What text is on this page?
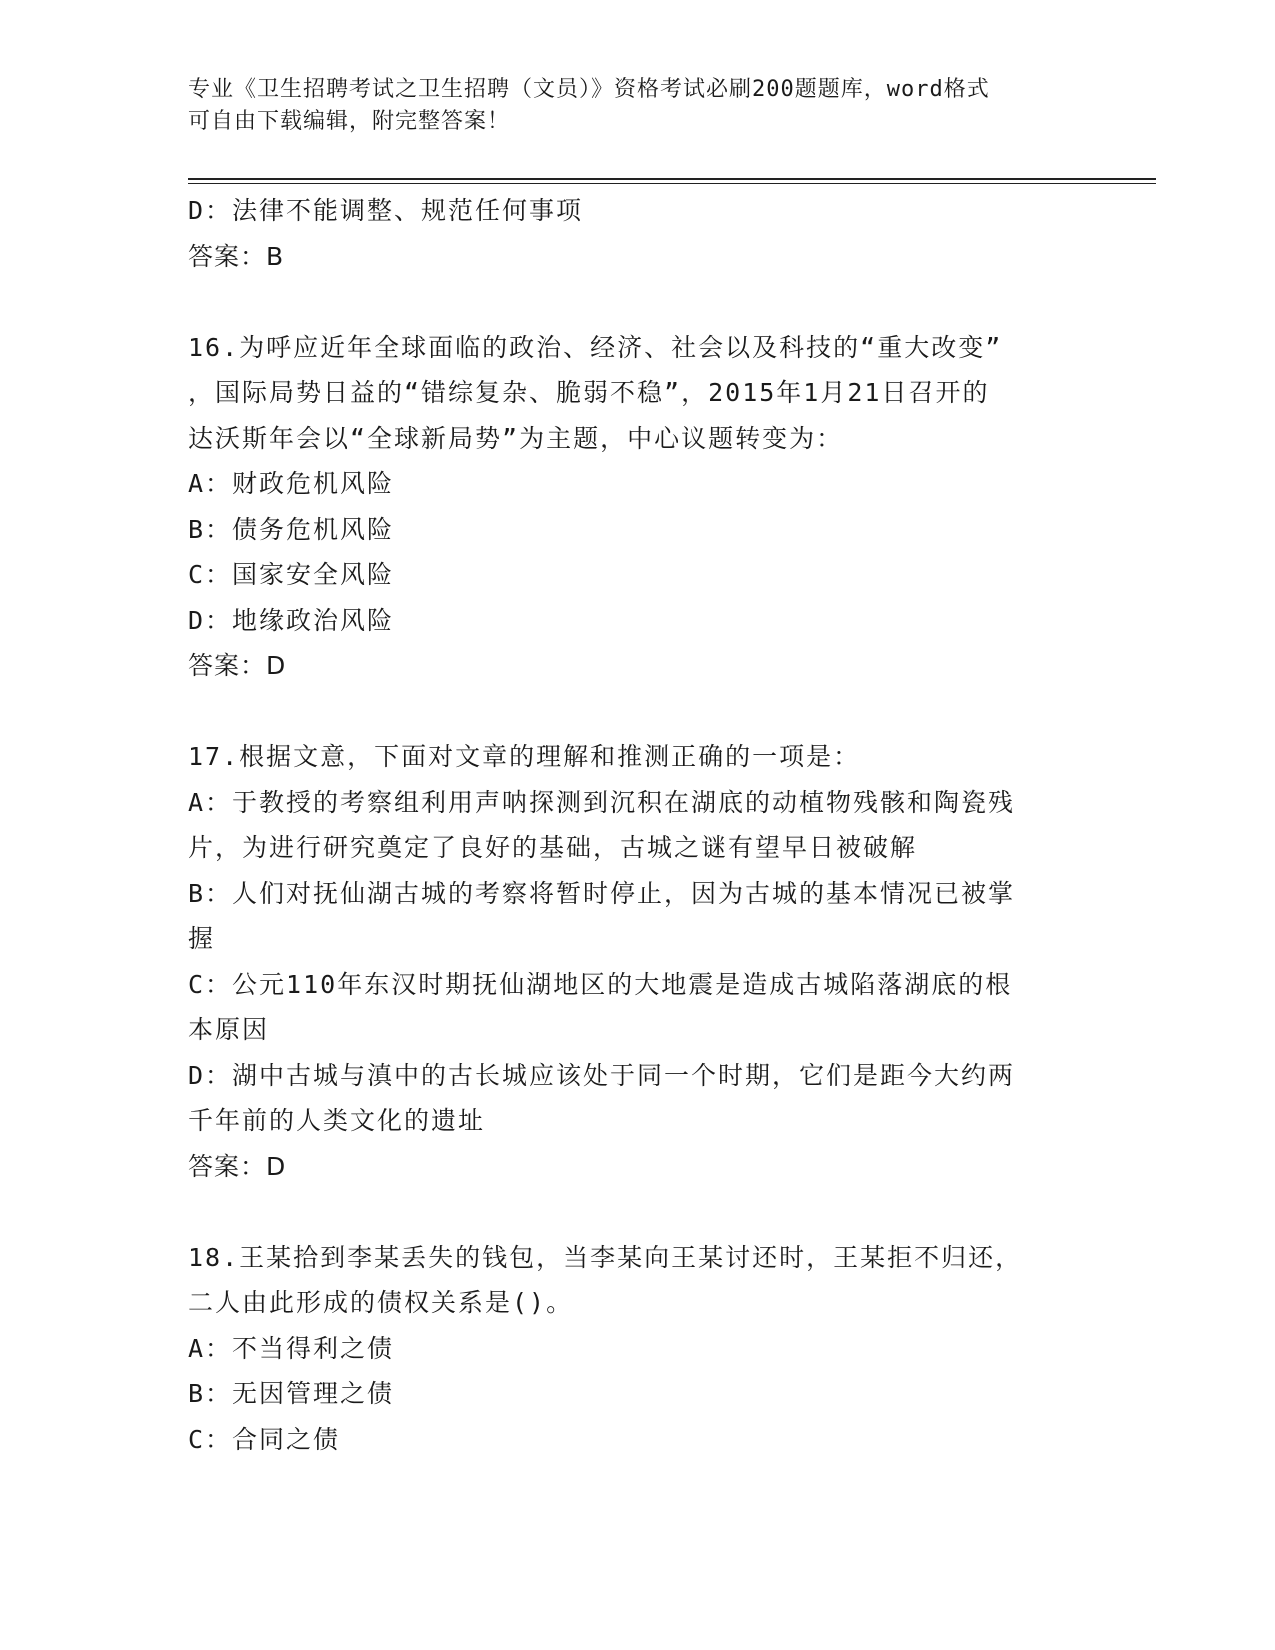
专业《卫生招聘考试之卫生招聘（文员）》资格考试必刷200题题库，word格式
可自由下载编辑，附完整答案！
D：法律不能调整、规范任何事项
答案：B
16.为呼应近年全球面临的政治、经济、社会以及科技的“重大改变”
，国际局势日益的“错综复杂、脆弱不稳”，2015年1月21日召开的
达沃斯年会以“全球新局势”为主题，中心议题转变为：
A：财政危机风险
B：债务危机风险
C：国家安全风险
D：地缘政治风险
答案：D
17.根据文意，下面对文章的理解和推测正确的一项是：
A：于教授的考察组利用声呐探测到沉积在湖底的动植物残骸和陶瓷残
片，为进行研究奠定了良好的基础，古城之谜有望早日被破解
B：人们对抚仙湖古城的考察将暂时停止，因为古城的基本情况已被掌
握
C：公元110年东汉时期抚仙湖地区的大地震是造成古城陷落湖底的根
本原因
D：湖中古城与滇中的古长城应该处于同一个时期，它们是距今大约两
千年前的人类文化的遗址
答案：D
18.王某拾到李某丢失的钱包，当李某向王某讨还时，王某拒不归还，
二人由此形成的债权关系是()。
A：不当得利之债
B：无因管理之债
C：合同之债
